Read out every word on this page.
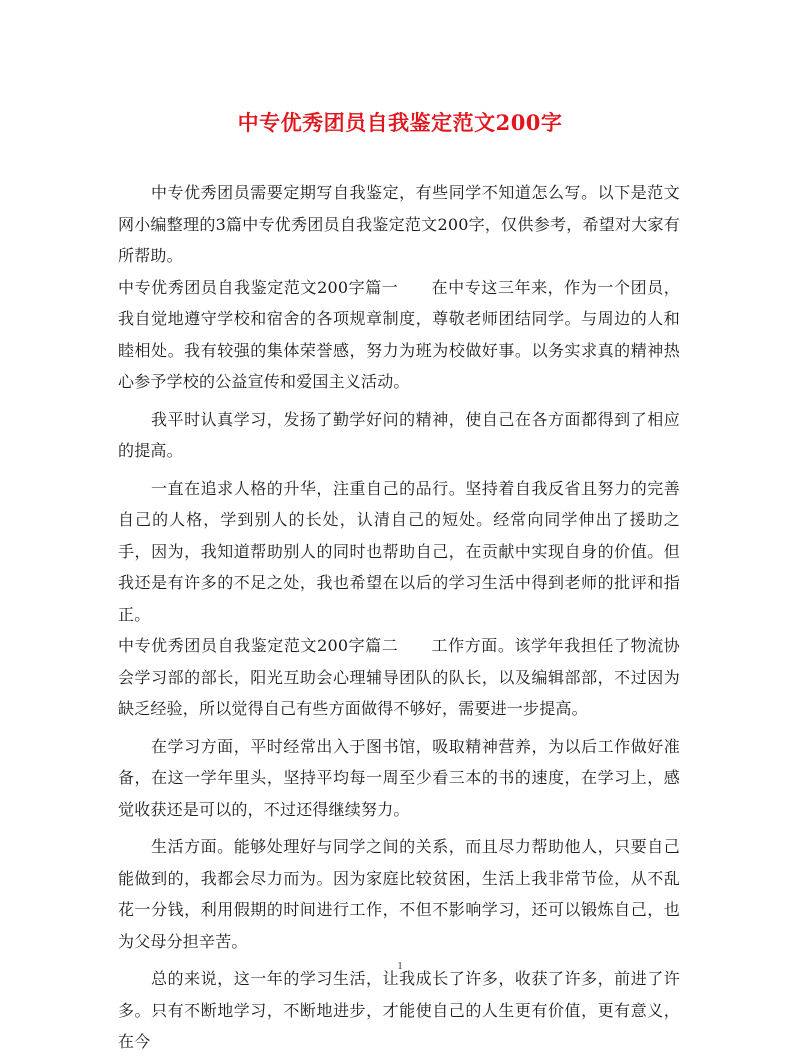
中专优秀团员自我鉴定范文200字

中专优秀团员需要定期写自我鉴定，有些同学不知道怎么写。以下是范文网小编整理的3篇中专优秀团员自我鉴定范文200字，仅供参考，希望对大家有所帮助。

中专优秀团员自我鉴定范文200字篇一　　在中专这三年来，作为一个团员，我自觉地遵守学校和宿舍的各项规章制度，尊敬老师团结同学。与周边的人和睦相处。我有较强的集体荣誉感，努力为班为校做好事。以务实求真的精神热心参予学校的公益宣传和爱国主义活动。

我平时认真学习，发扬了勤学好问的精神，使自己在各方面都得到了相应的提高。

一直在追求人格的升华，注重自己的品行。坚持着自我反省且努力的完善自己的人格，学到别人的长处，认清自己的短处。经常向同学伸出了援助之手，因为，我知道帮助别人的同时也帮助自己，在贡献中实现自身的价值。但我还是有许多的不足之处，我也希望在以后的学习生活中得到老师的批评和指正。

中专优秀团员自我鉴定范文200字篇二　　工作方面。该学年我担任了物流协会学习部的部长，阳光互助会心理辅导团队的队长，以及编辑部部，不过因为缺乏经验，所以觉得自己有些方面做得不够好，需要进一步提高。

在学习方面，平时经常出入于图书馆，吸取精神营养，为以后工作做好准备，在这一学年里头，坚持平均每一周至少看三本的书的速度，在学习上，感觉收获还是可以的，不过还得继续努力。

生活方面。能够处理好与同学之间的关系，而且尽力帮助他人，只要自己能做到的，我都会尽力而为。因为家庭比较贫困，生活上我非常节俭，从不乱花一分钱，利用假期的时间进行工作，不但不影响学习，还可以锻炼自己，也为父母分担辛苦。

总的来说，这一年的学习生活，让我成长了许多，收获了许多，前进了许多。只有不断地学习，不断地进步，才能使自己的人生更有价值，更有意义，在今

1
